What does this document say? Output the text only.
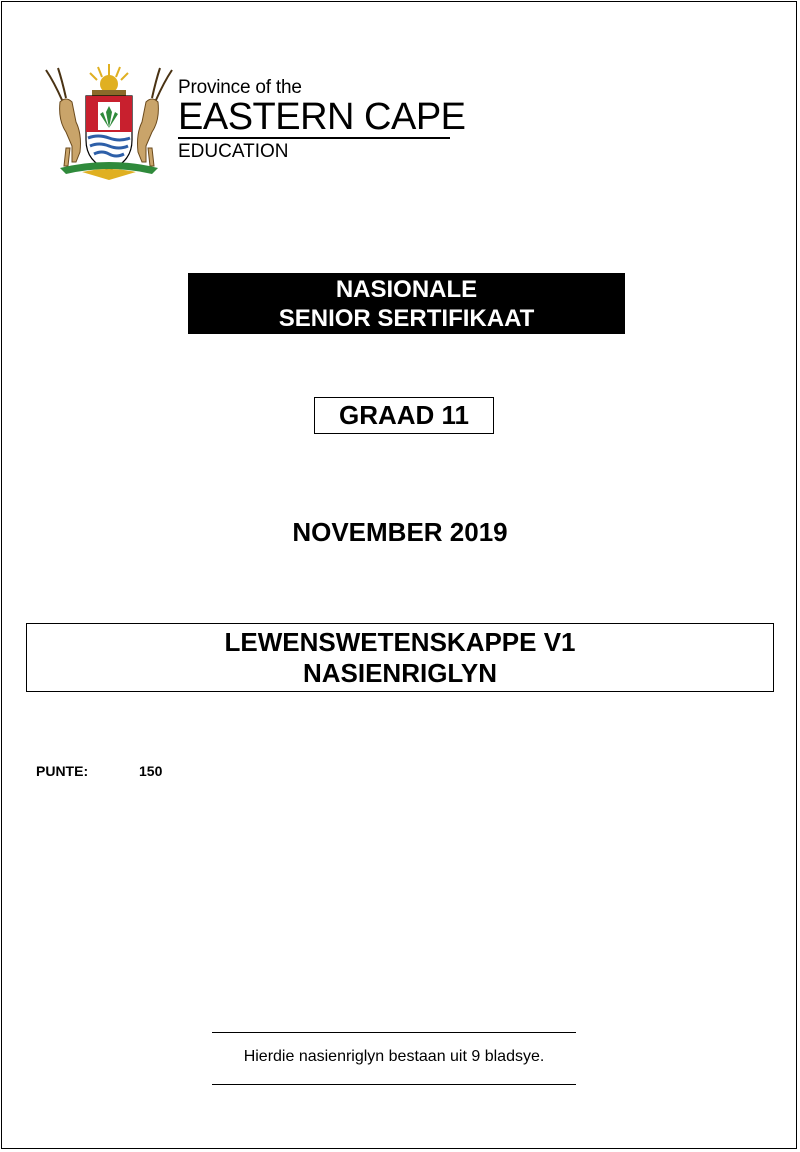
Province of the
EASTERN CAPE
EDUCATION
NASIONALE
SENIOR SERTIFIKAAT
GRAAD 11
NOVEMBER 2019
LEWENSWETENSKAPPE V1
NASIENRIGLYN
PUNTE:	150
Hierdie nasienriglyn bestaan uit 9 bladsye.
